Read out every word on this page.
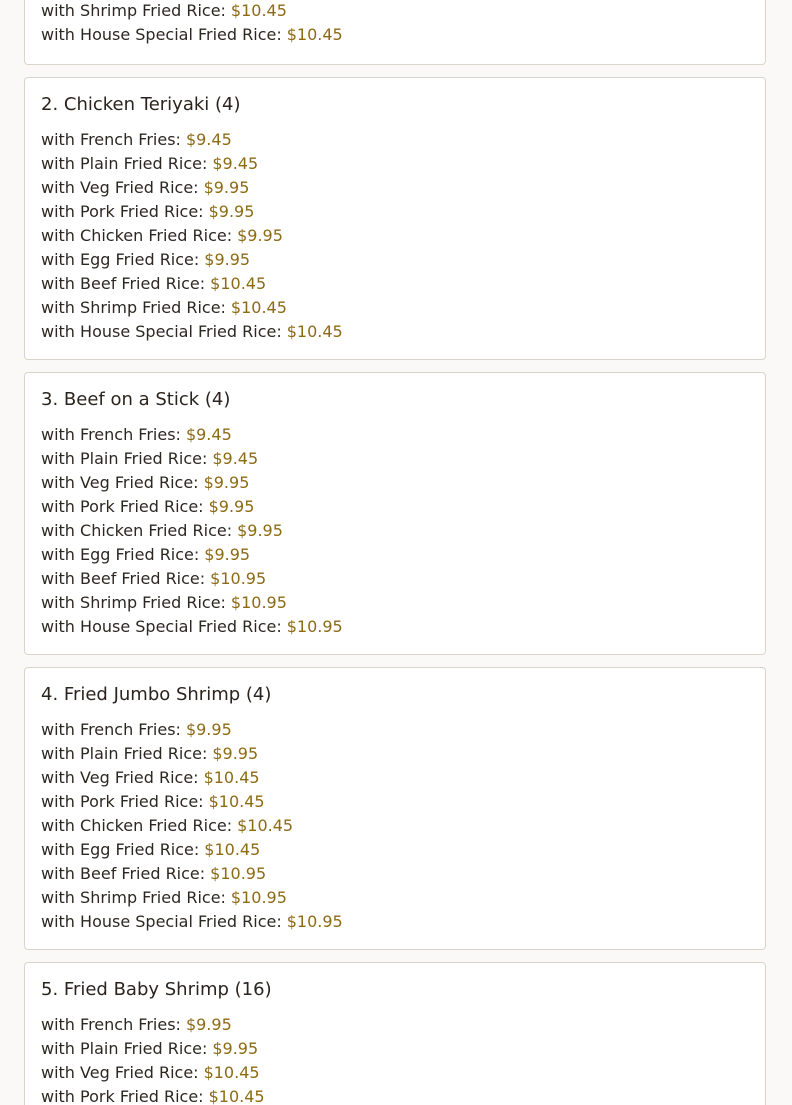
with Shrimp Fried Rice: $10.45
with House Special Fried Rice: $10.45
2. Chicken Teriyaki (4)
with French Fries: $9.45
with Plain Fried Rice: $9.45
with Veg Fried Rice: $9.95
with Pork Fried Rice: $9.95
with Chicken Fried Rice: $9.95
with Egg Fried Rice: $9.95
with Beef Fried Rice: $10.45
with Shrimp Fried Rice: $10.45
with House Special Fried Rice: $10.45
3. Beef on a Stick (4)
with French Fries: $9.45
with Plain Fried Rice: $9.45
with Veg Fried Rice: $9.95
with Pork Fried Rice: $9.95
with Chicken Fried Rice: $9.95
with Egg Fried Rice: $9.95
with Beef Fried Rice: $10.95
with Shrimp Fried Rice: $10.95
with House Special Fried Rice: $10.95
4. Fried Jumbo Shrimp (4)
with French Fries: $9.95
with Plain Fried Rice: $9.95
with Veg Fried Rice: $10.45
with Pork Fried Rice: $10.45
with Chicken Fried Rice: $10.45
with Egg Fried Rice: $10.45
with Beef Fried Rice: $10.95
with Shrimp Fried Rice: $10.95
with House Special Fried Rice: $10.95
5. Fried Baby Shrimp (16)
with French Fries: $9.95
with Plain Fried Rice: $9.95
with Veg Fried Rice: $10.45
with Pork Fried Rice: $10.45
